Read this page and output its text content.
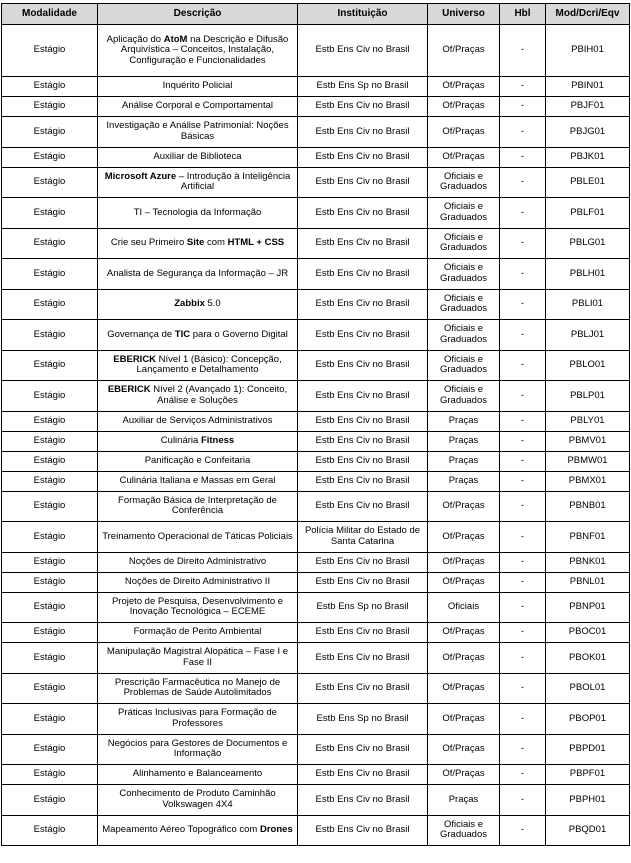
Modalidade	Descrição	Instituição	Universo	Hbl	Mod/Dcri/Eqv
Estágio	Aplicação do AtoM na Descrição e Difusão Arquivística – Conceitos, Instalação, Configuração e Funcionalidades	Estb Ens Civ no Brasil	Of/Praças	-	PBIH01
Estágio	Inquérito Policial	Estb Ens Sp no Brasil	Of/Praças	-	PBIN01
Estágio	Análise Corporal e Comportamental	Estb Ens Civ no Brasil	Of/Praças	-	PBJF01
Estágio	Investigação e Análise Patrimonial: Noções Básicas	Estb Ens Civ no Brasil	Of/Praças	-	PBJG01
Estágio	Auxiliar de Biblioteca	Estb Ens Civ no Brasil	Of/Praças	-	PBJK01
Estágio	Microsoft Azure – Introdução à Inteligência Artificial	Estb Ens Civ no Brasil	Oficiais e Graduados	-	PBLE01
Estágio	TI – Tecnologia da Informação	Estb Ens Civ no Brasil	Oficiais e Graduados	-	PBLF01
Estágio	Crie seu Primeiro Site com HTML + CSS	Estb Ens Civ no Brasil	Oficiais e Graduados	-	PBLG01
Estágio	Analista de Segurança da Informação – JR	Estb Ens Civ no Brasil	Oficiais e Graduados	-	PBLH01
Estágio	Zabbix 5.0	Estb Ens Civ no Brasil	Oficiais e Graduados	-	PBLI01
Estágio	Governança de TIC para o Governo Digital	Estb Ens Civ no Brasil	Oficiais e Graduados	-	PBLJ01
Estágio	EBERICK Nível 1 (Básico): Concepção, Lançamento e Detalhamento	Estb Ens Civ no Brasil	Oficiais e Graduados	-	PBLO01
Estágio	EBERICK Nível 2 (Avançado 1): Conceito, Análise e Soluções	Estb Ens Civ no Brasil	Oficiais e Graduados	-	PBLP01
Estágio	Auxiliar de Serviços Administrativos	Estb Ens Civ no Brasil	Praças	-	PBLY01
Estágio	Culinária Fitness	Estb Ens Civ no Brasil	Praças	-	PBMV01
Estágio	Panificação e Confeitaria	Estb Ens Civ no Brasil	Praças	-	PBMW01
Estágio	Culinária Italiana e Massas em Geral	Estb Ens Civ no Brasil	Praças	-	PBMX01
Estágio	Formação Básica de Interpretação de Conferência	Estb Ens Civ no Brasil	Of/Praças	-	PBNB01
Estágio	Treinamento Operacional de Táticas Policiais	Polícia Militar do Estado de Santa Catarina	Of/Praças	-	PBNF01
Estágio	Noções de Direito Administrativo	Estb Ens Civ no Brasil	Of/Praças	-	PBNK01
Estágio	Noções de Direito Administrativo II	Estb Ens Civ no Brasil	Of/Praças	-	PBNL01
Estágio	Projeto de Pesquisa, Desenvolvimento e Inovação Tecnológica – ECEME	Estb Ens Sp no Brasil	Oficiais	-	PBNP01
Estágio	Formação de Perito Ambiental	Estb Ens Civ no Brasil	Of/Praças	-	PBOC01
Estágio	Manipulação Magistral Alopática – Fase I e Fase II	Estb Ens Civ no Brasil	Of/Praças	-	PBOK01
Estágio	Prescrição Farmacêutica no Manejo de Problemas de Saúde Autolimitados	Estb Ens Civ no Brasil	Of/Praças	-	PBOL01
Estágio	Práticas Inclusivas para Formação de Professores	Estb Ens Sp no Brasil	Of/Praças	-	PBOP01
Estágio	Negócios para Gestores de Documentos e Informação	Estb Ens Civ no Brasil	Of/Praças	-	PBPD01
Estágio	Alinhamento e Balanceamento	Estb Ens Civ no Brasil	Of/Praças	-	PBPF01
Estágio	Conhecimento de Produto Caminhão Volkswagen 4X4	Estb Ens Civ no Brasil	Praças	-	PBPH01
Estágio	Mapeamento Aéreo Topográfico com Drones	Estb Ens Civ no Brasil	Oficiais e Graduados	-	PBQD01
